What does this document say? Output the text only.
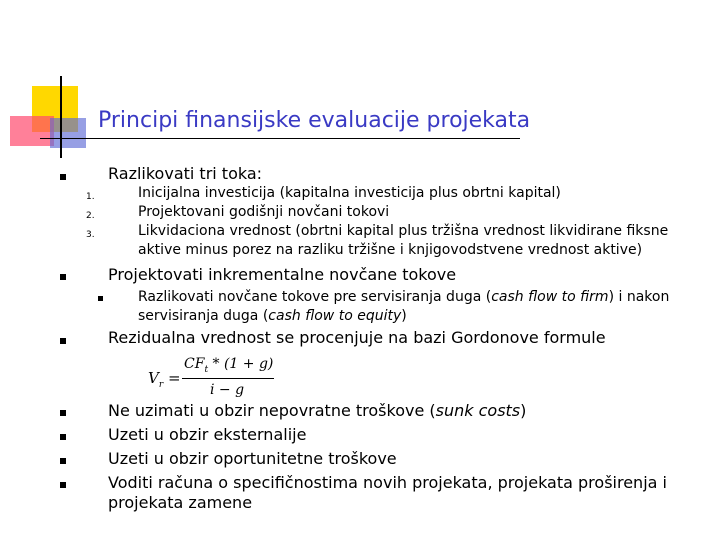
Principi finansijske evaluacije projekata
Razlikovati tri toka:
1.	Inicijalna investicija (kapitalna investicija plus obrtni kapital)
2.	Projektovani godišnji novčani tokovi
3.	Likvidaciona vrednost (obrtni kapital plus tržišna vrednost likvidirane fiksne aktive minus porez na razliku tržišne i knjigovodstvene vrednost aktive)
Projektovati inkrementalne novčane tokove
Razlikovati novčane tokove pre servisiranja duga (cash flow to firm) i nakon servisiranja duga (cash flow to equity)
Rezidualna vrednost se procenjuje na bazi Gordonove formule
$V_r$ =
$CF_t * (1 + g)$
i − g
Ne uzimati u obzir nepovratne troškove (sunk costs)
Uzeti u obzir eksternalije
Uzeti u obzir oportunitetne troškove
Voditi računa o specifičnostima novih projekata, projekata proširenja i projekata zamene
